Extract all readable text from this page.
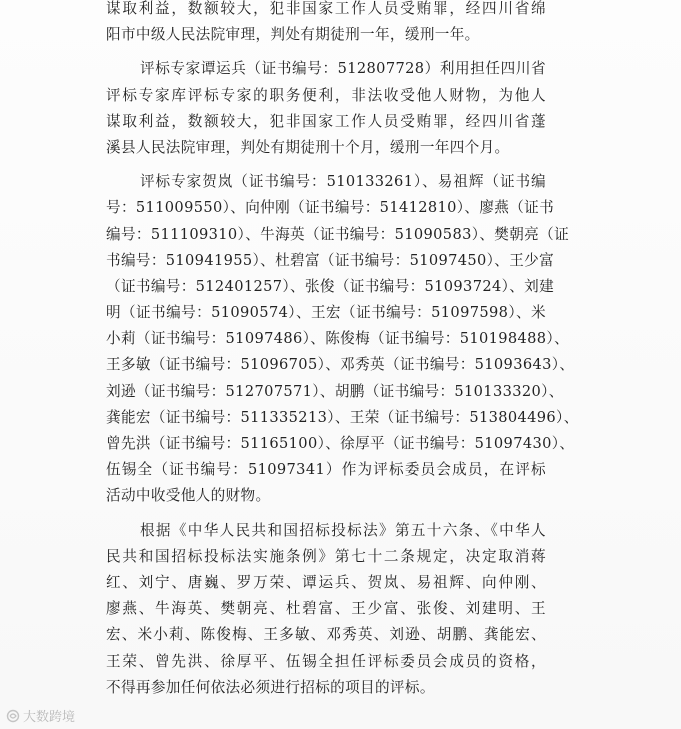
谋取利益，数额较大，犯非国家工作人员受贿罪，经四川省绵
阳市中级人民法院审理，判处有期徒刑一年，缓刑一年。
评标专家谭运兵（证书编号：512807728）利用担任四川省
评标专家库评标专家的职务便利，非法收受他人财物，为他人
谋取利益，数额较大，犯非国家工作人员受贿罪，经四川省蓬
溪县人民法院审理，判处有期徒刑十个月，缓刑一年四个月。
评标专家贺岚（证书编号：510133261）、易祖辉（证书编
号：511009550）、向仲刚（证书编号：51412810）、廖燕（证书
编号：511109310）、牛海英（证书编号：51090583）、樊朝亮（证
书编号：510941955）、杜碧富（证书编号：51097450）、王少富
（证书编号：512401257）、张俊（证书编号：51093724）、刘建
明（证书编号：51090574）、王宏（证书编号：51097598）、米
小莉（证书编号：51097486）、陈俊梅（证书编号：510198488）、
王多敏（证书编号：51096705）、邓秀英（证书编号：51093643）、
刘逊（证书编号：512707571）、胡鹏（证书编号：510133320）、
龚能宏（证书编号：511335213）、王荣（证书编号：513804496）、
曾先洪（证书编号：51165100）、徐厚平（证书编号：51097430）、
伍锡全（证书编号：51097341）作为评标委员会成员，在评标
活动中收受他人的财物。
根据《中华人民共和国招标投标法》第五十六条、《中华人
民共和国招标投标法实施条例》第七十二条规定，决定取消蒋
红、刘宁、唐巍、罗万荣、谭运兵、贺岚、易祖辉、向仲刚、
廖燕、牛海英、樊朝亮、杜碧富、王少富、张俊、刘建明、王
宏、米小莉、陈俊梅、王多敏、邓秀英、刘逊、胡鹏、龚能宏、
王荣、曾先洪、徐厚平、伍锡全担任评标委员会成员的资格，
不得再参加任何依法必须进行招标的项目的评标。
大数跨境
